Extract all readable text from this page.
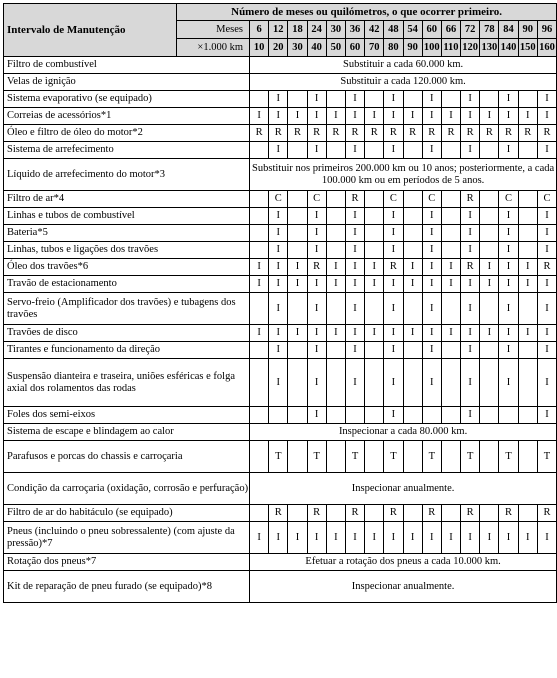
Intervalo de Manutenção	Número de meses ou quilómetros, o que ocorrer primeiro.																
	Meses	6	12	18	24	30	36	42	48	54	60	66	72	78	84	90	96
	×1.000 km	10	20	30	40	50	60	70	80	90	100	110	120	130	140	150	160
Filtro de combustível		Substituir a cada 60.000 km.															
Velas de ignição		Substituir a cada 120.000 km.															
Sistema evaporativo (se equipado)			I		I		I		I		I		I		I		I
Correias de acessórios*1		I	I	I	I	I	I	I	I	I	I	I	I	I	I	I	I
Óleo e filtro de óleo do motor*2		R	R	R	R	R	R	R	R	R	R	R	R	R	R	R	R
Sistema de arrefecimento			I		I		I		I		I		I		I		I
Líquido de arrefecimento do motor*3		Substituir nos primeiros 200.000 km ou 10 anos; posteriormente, a cada 100.000 km ou em períodos de 5 anos.															
Filtro de ar*4			C		C		R		C		C		R		C		C
Linhas e tubos de combustível			I		I		I		I		I		I		I		I
Bateria*5			I		I		I		I		I		I		I		I
Linhas, tubos e ligações dos travões			I		I		I		I		I		I		I		I
Óleo dos travões*6		I	I	I	R	I	I	I	R	I	I	I	R	I	I	I	R
Travão de estacionamento		I	I	I	I	I	I	I	I	I	I	I	I	I	I	I	I
Servo-freio (Amplificador dos travões) e tubagens dos travões			I		I		I		I		I		I		I		I
Travões de disco		I	I	I	I	I	I	I	I	I	I	I	I	I	I	I	I
Tirantes e funcionamento da direção			I		I		I		I		I		I		I		I
Suspensão dianteira e traseira, uniões esféricas e folga axial dos rolamentos das rodas			I		I		I		I		I		I		I		I
Foles dos semi-eixos					I				I				I				I
Sistema de escape e blindagem ao calor		Inspecionar a cada 80.000 km.															
Parafusos e porcas do chassis e carroçaria			T		T		T		T		T		T		T		T
Condição da carroçaria (oxidação, corrosão e perfuração)		Inspecionar anualmente.															
Filtro de ar do habitáculo (se equipado)			R		R		R		R		R		R		R		R
Pneus (incluindo o pneu sobressalente) (com ajuste da pressão)*7		I	I	I	I	I	I	I	I	I	I	I	I	I	I	I	I
Rotação dos pneus*7		Efetuar a rotação dos pneus a cada 10.000 km.															
Kit de reparação de pneu furado (se equipado)*8		Inspecionar anualmente.															
